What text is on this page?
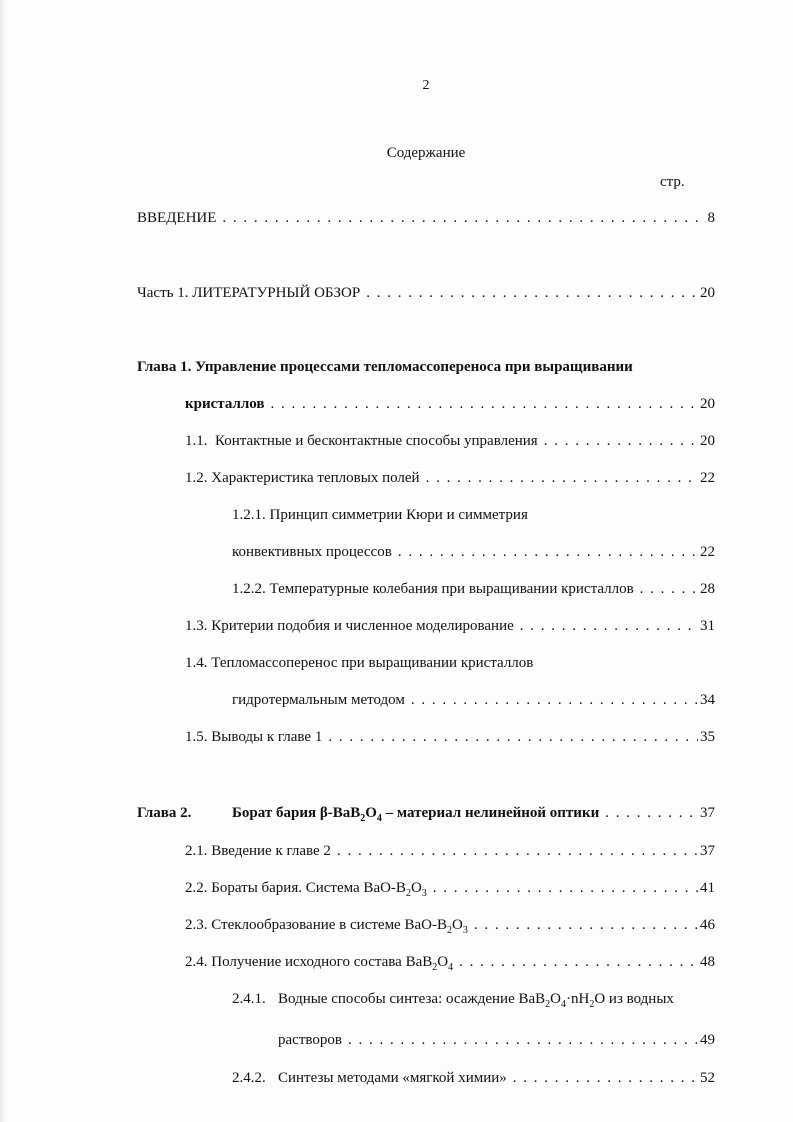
2
Содержание
стр.
ВВЕДЕНИЕ . . .	8
Часть 1. ЛИТЕРАТУРНЫЙ ОБЗОР . . .	20
Глава 1. Управление процессами тепломассопереноса при выращивании
кристаллов . . .	20
1.1.  Контактные и бесконтактные способы управления . . .	20
1.2. Характеристика тепловых полей . . .	22
1.2.1. Принцип симметрии Кюри и симметрия
конвективных процессов . . .	22
1.2.2. Температурные колебания при выращивании кристаллов . . .	28
1.3. Критерии подобия и численное моделирование . . .	31
1.4. Тепломассоперенос при выращивании кристаллов
гидротермальным методом . . .	34
1.5. Выводы к главе 1 . . .	35
Глава 2.	Борат бария $\beta-BaB_2O_4$ – материал нелинейной оптики . . .	37
2.1. Введение к главе 2 . . .	37
2.2. Бораты бария. Система BaO-$B_2O_3$ . . .	41
2.3. Стеклообразование в системе BaO-$B_2O_3$ . . .	46
2.4. Получение исходного состава $BaB_2O_4$ . . .	48
2.4.1. Водные способы синтеза: осаждение $BaB_2O_4\cdot nH_2O$ из водных
растворов . . .	49
2.4.2. Синтезы методами «мягкой химии» . . .	52
